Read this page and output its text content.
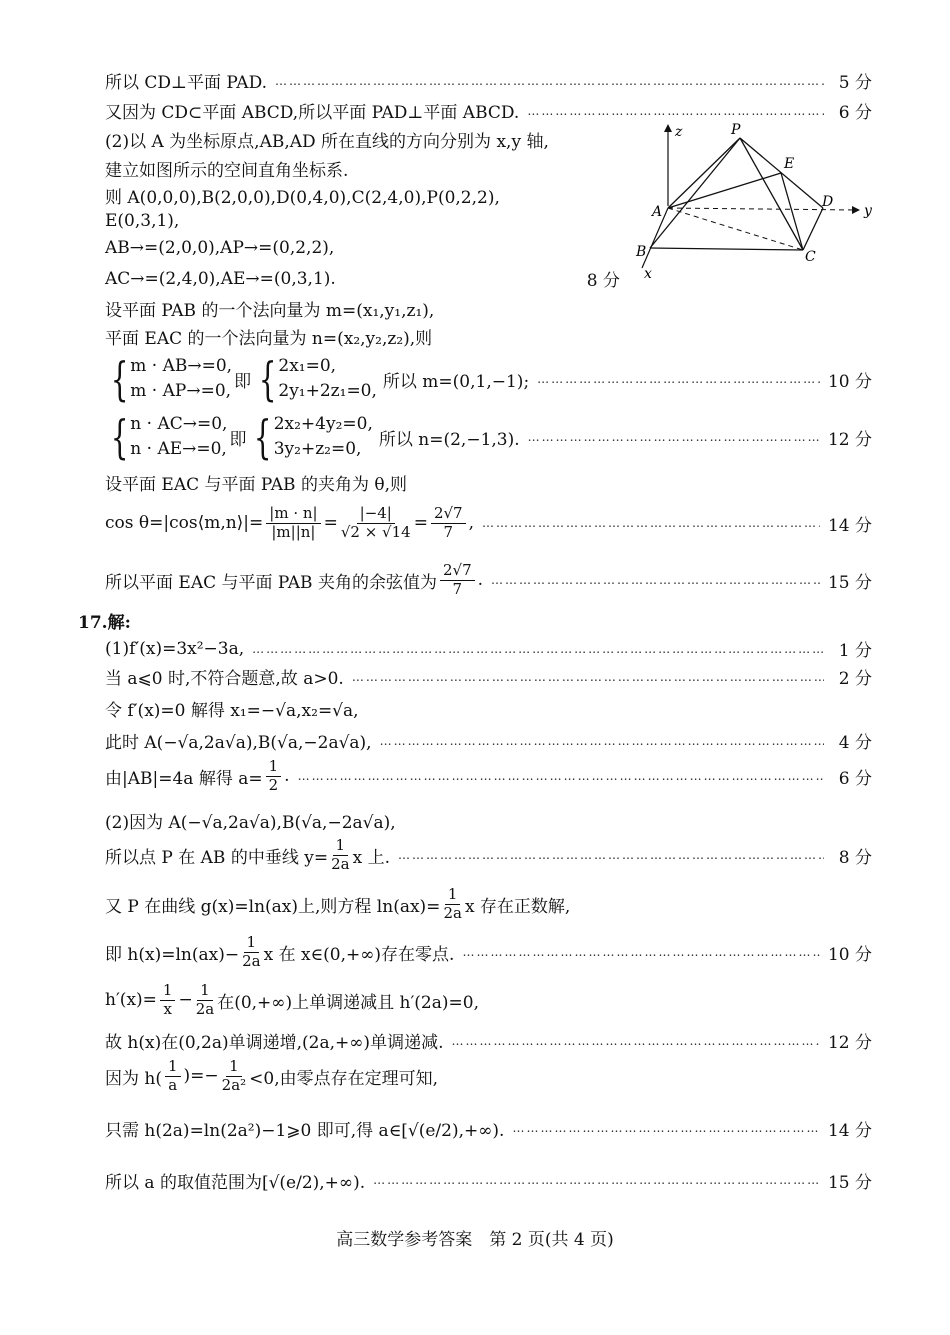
所以 CD⊥平面 PAD. ……………………………………………………………………………………………………………………………………………………………………………………………………………………	5 分
又因为 CD⊂平面 ABCD,所以平面 PAD⊥平面 ABCD. ……………………………………………………………………………………………………………………………………………………………………………………………………………………	6 分
(2)以 A 为坐标原点,AB,AD 所在直线的方向分别为 x,y 轴,
建立如图所示的空间直角坐标系.
则 A(0,0,0),B(2,0,0),D(0,4,0),C(2,4,0),P(0,2,2),
E(0,3,1),
AB→=(2,0,0),AP→=(0,2,2),
AC→=(2,4,0),AE→=(0,3,1).	8 分
设平面 PAB 的一个法向量为 m=(x₁,y₁,z₁),
平面 EAC 的一个法向量为 n=(x₂,y₂,z₂),则
z
y
x
P
E
A
D
B	C
{ m · AB→=0,
m · AP→=0, 即 { 2x₁=0,
2y₁+2z₁=0, 所以 m=(0,1,−1); ……………………………………………………………………………………………………………………………………………………………………………………………………………………	10 分
{ n · AC→=0,
n · AE→=0, 即 { 2x₂+4y₂=0,
3y₂+z₂=0,	所以 n=(2,−1,3). ……………………………………………………………………………………………………………………………………………………………………………………………………………………	12 分
设平面 EAC 与平面 PAB 的夹角为 θ,则
cos θ=|cos⟨m,n⟩|= $\frac{|m \cdot n|}{|m||n|} = |-4|$
√2 × √14 = 2√7
7 , ……………………………………………………………………………………………………………………………………………………………………………………………………………………	14 分
所以平面 EAC 与平面 PAB 夹角的余弦值为
2√7
7 . ……………………………………………………………………………………………………………………………………………………………………………………………………………………	15 分
17.解:
(1)f′(x)=3x²−3a, ……………………………………………………………………………………………………………………………………………………………………………………………………………………	1 分
当 a⩽0 时,不符合题意,故 a>0. ……………………………………………………………………………………………………………………………………………………………………………………………………………………	2 分
令 f′(x)=0 解得 x₁=−√a,x₂=√a,
此时 A(−√a,2a√a),B(√a,−2a√a), ……………………………………………………………………………………………………………………………………………………………………………………………………………………	4 分
由|AB|=4a 解得 $a= \frac{1}{2}$ . ……………………………………………………………………………………………………………………………………………………………………………………………………………………	6 分
(2)因为 A(−√a,2a√a),B(√a,−2a√a),
所以点 P 在 AB 的中垂线 $y= \frac{1}{2a}$ x 上. ……………………………………………………………………………………………………………………………………………………………………………………………………………………	8 分
又 P 在曲线 g(x)=ln(ax)上,则方程 $\ln(ax)= \frac{1}{2a}$ x 存在正数解,
即 $h(x)=\ln(ax)- \frac{1}{2a}$ x 在 x∈(0,+∞)存在零点. ……………………………………………………………………………………………………………………………………………………………………………………………………………………	10 分
$h'(x)= \frac{1}{x} - \frac{1}{2a}$ 在(0,+∞)上单调递减且 h′(2a)=0,
故 h(x)在(0,2a)单调递增,(2a,+∞)单调递减. ……………………………………………………………………………………………………………………………………………………………………………………………………………………	12 分
因为 h(
1
a )=− $\frac{1}{\text{2a²}} <0$,由零点存在定理可知,
只需 h(2a)=ln(2a²)−1⩾0 即可,得 a∈[√(e/2),+∞). ……………………………………………………………………………………………………………………………………………………………………………………………………………………	14 分
所以 a 的取值范围为[√(e/2),+∞). ……………………………………………………………………………………………………………………………………………………………………………………………………………………	15 分
高三数学参考答案　第 2 页(共 4 页)
